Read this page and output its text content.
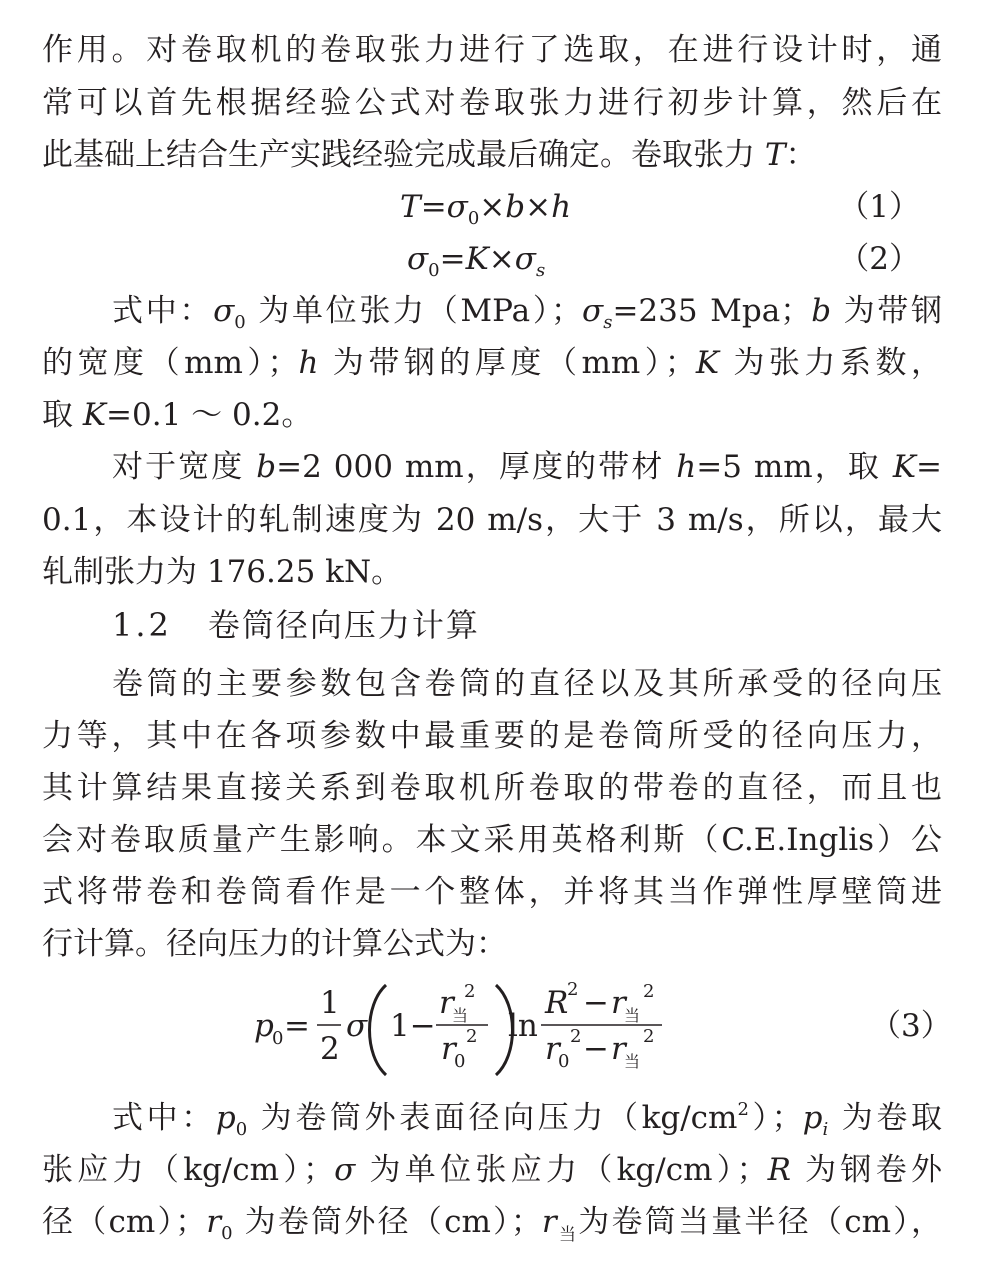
作用。对卷取机的卷取张力进行了选取，在进行设计时，通
常可以首先根据经验公式对卷取张力进行初步计算，然后在
此基础上结合生产实践经验完成最后确定。卷取张力 T：
$T=\sigma_0\times b\times h$	（1）
$\sigma_0=K\times\sigma_s$	（2）
式中：$\sigma_0$ 为单位张力（MPa）；$\sigma_s=235$ Mpa；b 为带钢
的宽度（mm）；h 为带钢的厚度（mm）；K 为张力系数，
取 K=0.1 ～ 0.2。
对于宽度 b=2 000 mm，厚度的带材 h=5 mm，取 K=
0.1，本设计的轧制速度为 20 m/s，大于 3 m/s，所以，最大
轧制张力为 176.25 kN。
1.2 卷筒径向压力计算
卷筒的主要参数包含卷筒的直径以及其所承受的径向压
力等，其中在各项参数中最重要的是卷筒所受的径向压力，
其计算结果直接关系到卷取机所卷取的带卷的直径，而且也
会对卷取质量产生影响。本文采用英格利斯（C.E.Inglis）公
式将带卷和卷筒看作是一个整体，并将其当作弹性厚壁筒进
行计算。径向压力的计算公式为：
p
0 =
1
2
σ 1−
r
当
2
r
0
2 ln
R
2 − r
当
2
r
0
2 − r
当
2	（3）
式中：$p_0$ 为卷筒外表面径向压力$(kg/cm^2)$；$p_i$ 为卷取
张应力（kg/cm）；σ 为单位张应力（kg/cm）；R 为钢卷外
径（cm）；$r_0$ 为卷筒外径（cm）；$r_当$为卷筒当量半径（cm），
